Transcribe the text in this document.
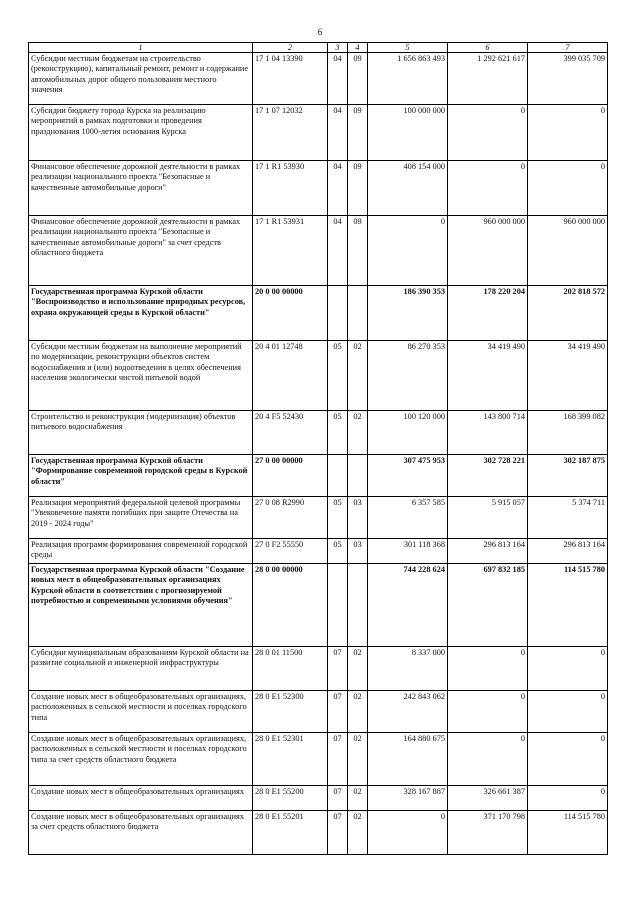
6
1	2	3	4	5	6	7
Субсидии местным бюджетам на строительство (реконструкцию), капитальный ремонт, ремонт и содержание автомобильных дорог общего пользования местного значения	17 1 04 13390	04	09	1 656 863 493	1 292 621 617	399 035 709
Субсидии бюджету города Курска на реализацию мероприятий в рамках подготовки и проведения празднования 1000-летия основания Курска	17 1 07 12032	04	09	100 000 000	0	0
Финансовое обеспечение дорожной деятельности в рамках реализации национального проекта "Безопасные и качественные автомобильные дороги"	17 1 R1 53930	04	09	408 154 000	0	0
Финансовое обеспечение дорожной деятельности в рамках реализации национального проекта "Безопасные и качественные автомобильные дороги" за счет средств областного бюджета	17 1 R1 53931	04	09	0	960 000 000	960 000 000
Государственная программа Курской области "Воспроизводство и использование природных ресурсов, охрана окружающей среды в Курской области"	20 0 00 00000			186 390 353	178 220 204	202 818 572
Субсидии местным бюджетам на выполнение мероприятий по модернизации, реконструкции объектов систем водоснабжения и (или) водоотведения в целях обеспечения населения экологически чистой питьевой водой	20 4 01 12748	05	02	86 270 353	34 419 490	34 419 490
Строительство и реконструкция (модернизация) объектов питьевого водоснабжения	20 4 F5 52430	05	02	100 120 000	143 800 714	168 399 082
Государственная программа Курской области "Формирование современной городской среды в Курской области"	27 0 00 00000			307 475 953	302 728 221	302 187 875
Реализация мероприятий федеральной целевой программы "Увековечение памяти погибших при защите Отечества на 2019 - 2024 годы"	27 0 08 R2990	05	03	6 357 585	5 915 057	5 374 711
Реализация программ формирования современной городской среды	27 0 F2 55550	05	03	301 118 368	296 813 164	296 813 164
Государственная программа Курской области "Создание новых мест в общеобразовательных организациях Курской области в соответствии с прогнозируемой потребностью и современными условиями обучения"	28 0 00 00000			744 228 624	697 832 185	114 515 780
Субсидии муниципальным образованиям Курской области на развитие социальной и инженерной инфраструктуры	28 0 01 11500	07	02	8 337 000	0	0
Создание новых мест в общеобразовательных организациях, расположенных в сельской местности и поселках городского типа	28 0 E1 52300	07	02	242 843 062	0	0
Создание новых мест в общеобразовательных организациях, расположенных в сельской местности и поселках городского типа за счет средств областного бюджета	28 0 E1 52301	07	02	164 880 675	0	0
Создание новых мест в общеобразовательных организациях	28 0 E1 55200	07	02	328 167 887	326 661 387	0
Создание новых мест в общеобразовательных организациях за счет средств областного бюджета	28 0 E1 55201	07	02	0	371 170 798	114 515 780
